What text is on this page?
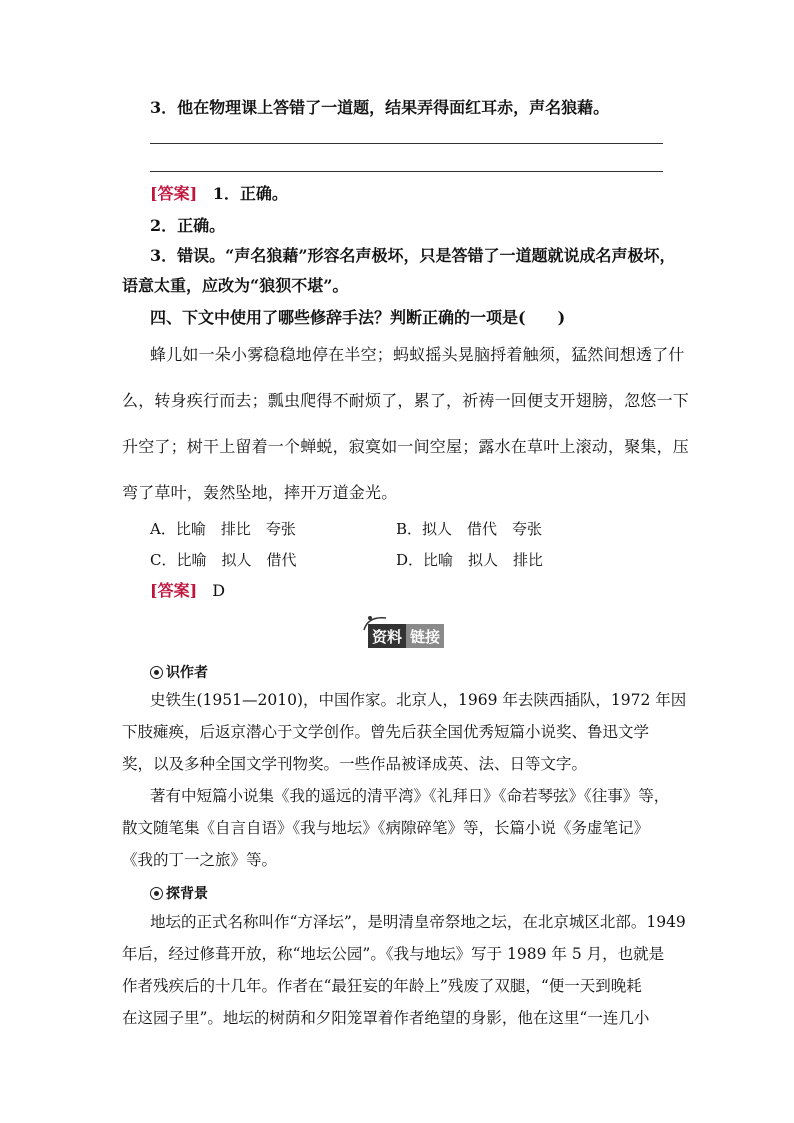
3．他在物理课上答错了一道题，结果弄得面红耳赤，声名狼藉。
[答案] 1．正确。
2．正确。
3．错误。“声名狼藉”形容名声极坏，只是答错了一道题就说成名声极坏，
语意太重，应改为“狼狈不堪”。
四、下文中使用了哪些修辞手法？判断正确的一项是(　　)
蜂儿如一朵小雾稳稳地停在半空；蚂蚁摇头晃脑捋着触须，猛然间想透了什
么，转身疾行而去；瓢虫爬得不耐烦了，累了，祈祷一回便支开翅膀，忽悠一下
升空了；树干上留着一个蝉蜕，寂寞如一间空屋；露水在草叶上滚动，聚集，压
弯了草叶，轰然坠地，摔开万道金光。
A．比喻　排比　夸张	B．拟人　借代　夸张
C．比喻　拟人　借代	D．比喻　拟人　排比
[答案] D
资料 链接
识作者
史铁生(1951—2010)，中国作家。北京人，1969 年去陕西插队，1972 年因
下肢瘫痪，后返京潜心于文学创作。曾先后获全国优秀短篇小说奖、鲁迅文学
奖，以及多种全国文学刊物奖。一些作品被译成英、法、日等文字。
著有中短篇小说集《我的遥远的清平湾》《礼拜日》《命若琴弦》《往事》等，
散文随笔集《自言自语》《我与地坛》《病隙碎笔》等，长篇小说《务虚笔记》
《我的丁一之旅》等。
探背景
地坛的正式名称叫作“方泽坛”，是明清皇帝祭地之坛，在北京城区北部。1949
年后，经过修葺开放，称“地坛公园”。《我与地坛》写于 1989 年 5 月，也就是
作者残疾后的十几年。作者在“最狂妄的年龄上”残废了双腿，“便一天到晚耗
在这园子里”。地坛的树荫和夕阳笼罩着作者绝望的身影，他在这里“一连几小
